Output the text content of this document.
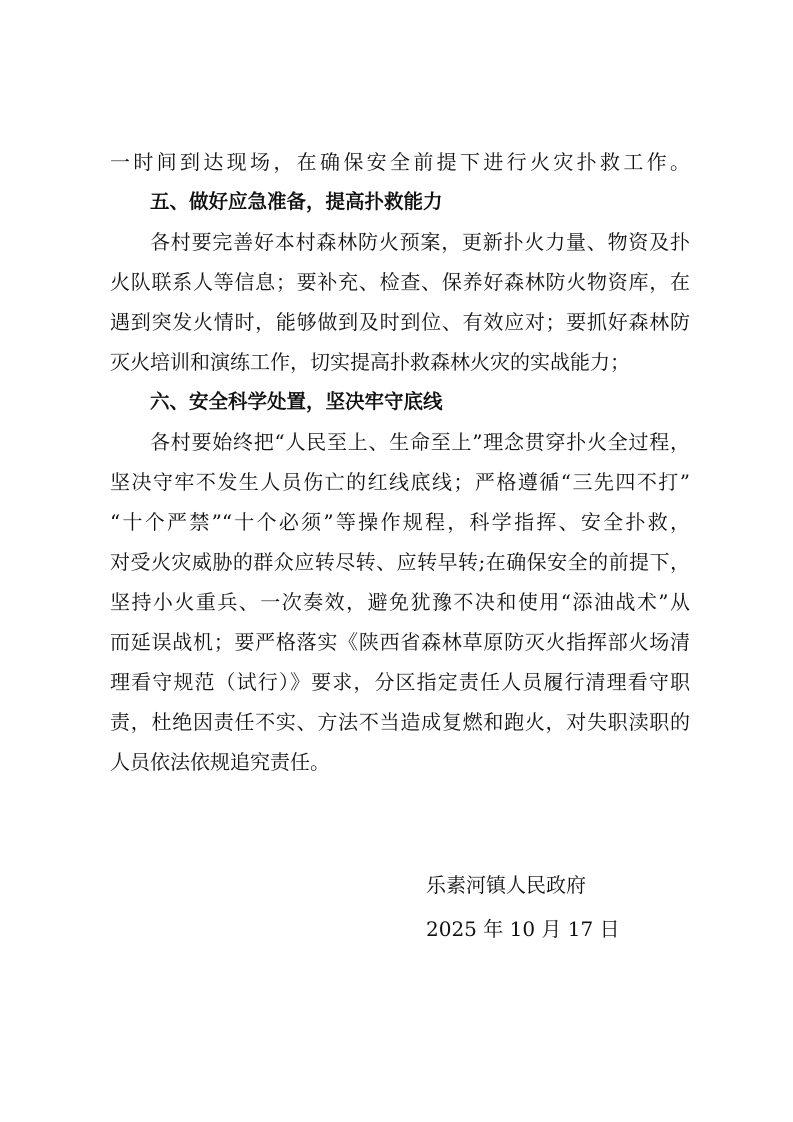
一时间到达现场，在确保安全前提下进行火灾扑救工作。
五、做好应急准备，提高扑救能力
各村要完善好本村森林防火预案，更新扑火力量、物资及扑
火队联系人等信息；要补充、检查、保养好森林防火物资库，在
遇到突发火情时，能够做到及时到位、有效应对；要抓好森林防
灭火培训和演练工作，切实提高扑救森林火灾的实战能力；
六、安全科学处置，坚决牢守底线
各村要始终把“人民至上、生命至上”理念贯穿扑火全过程，
坚决守牢不发生人员伤亡的红线底线；严格遵循“三先四不打”
“十个严禁”“十个必须”等操作规程，科学指挥、安全扑救，
对受火灾威胁的群众应转尽转、应转早转;在确保安全的前提下，
坚持小火重兵、一次奏效，避免犹豫不决和使用“添油战术”从
而延误战机；要严格落实《陕西省森林草原防灭火指挥部火场清
理看守规范（试行）》要求，分区指定责任人员履行清理看守职
责，杜绝因责任不实、方法不当造成复燃和跑火，对失职渎职的
人员依法依规追究责任。
乐素河镇人民政府
2025 年 10 月 17 日
